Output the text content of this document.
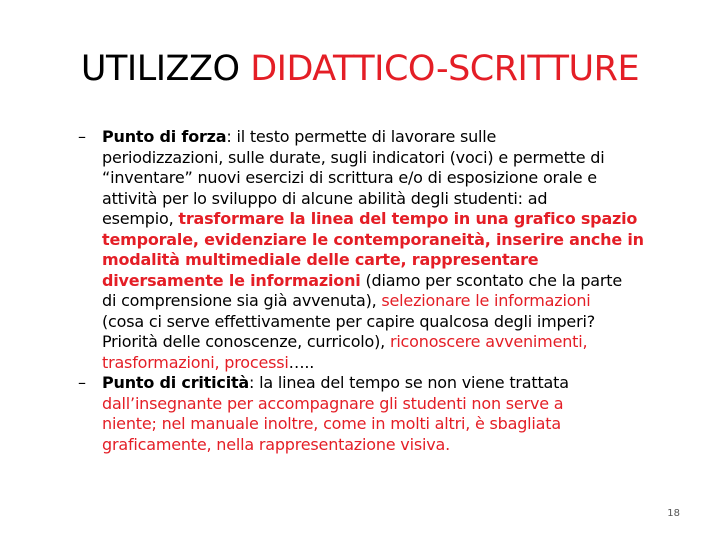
UTILIZZO DIDATTICO-SCRITTURE
– Punto di forza: il testo permette di lavorare sulle
periodizzazioni, sulle durate, sugli indicatori (voci) e permette di
“inventare” nuovi esercizi di scrittura e/o di esposizione orale e
attività per lo sviluppo di alcune abilità degli studenti: ad
esempio, trasformare la linea del tempo in una grafico spazio
temporale, evidenziare le contemporaneità, inserire anche in
modalità multimediale delle carte, rappresentare
diversamente le informazioni (diamo per scontato che la parte
di comprensione sia già avvenuta), selezionare le informazioni
(cosa ci serve effettivamente per capire qualcosa degli imperi?
Priorità delle conoscenze, curricolo), riconoscere avvenimenti,
trasformazioni, processi…..
– Punto di criticità: la linea del tempo se non viene trattata
dall’insegnante per accompagnare gli studenti non serve a
niente; nel manuale inoltre, come in molti altri, è sbagliata
graficamente, nella rappresentazione visiva.
18
